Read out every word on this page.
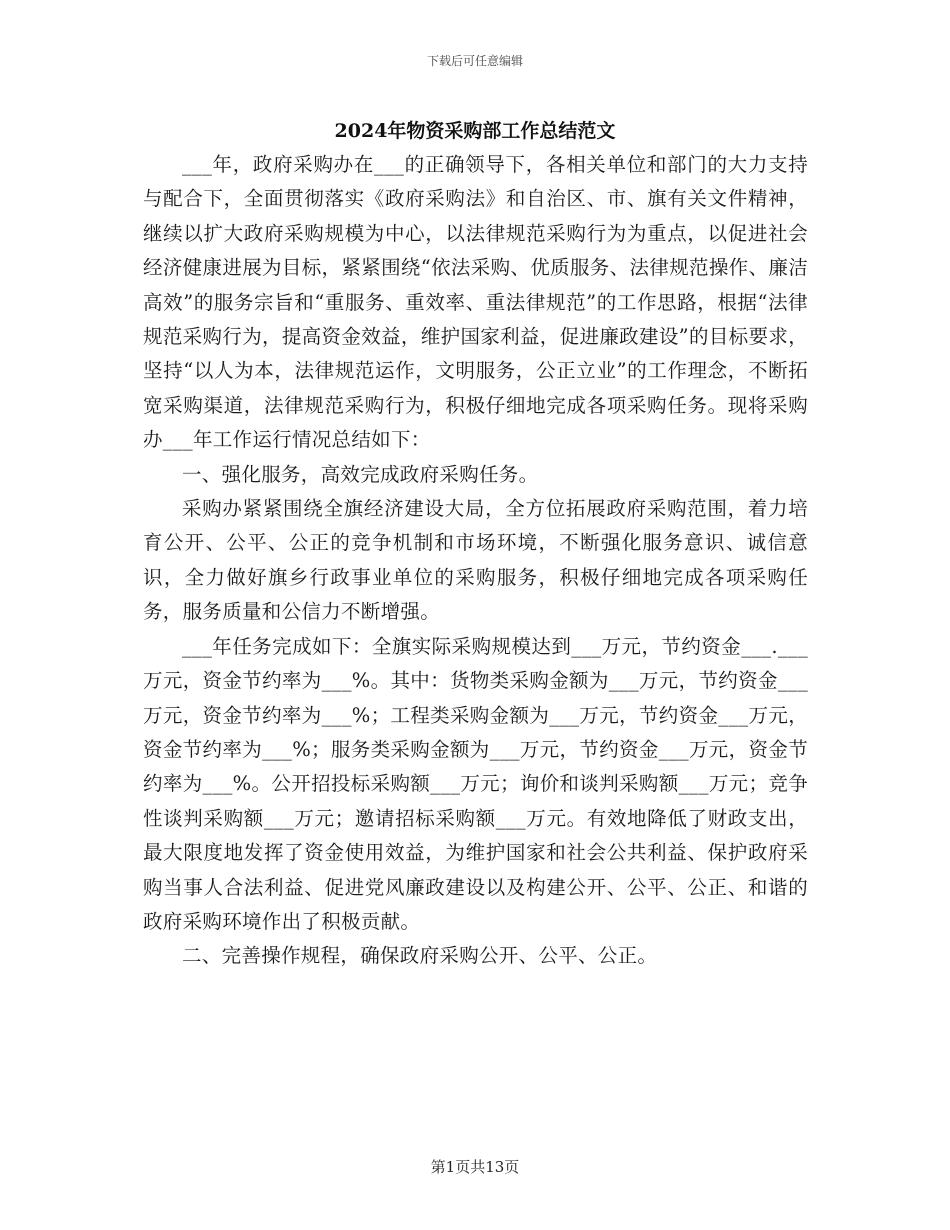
下载后可任意编辑
2024年物资采购部工作总结范文

___年，政府采购办在___的正确领导下，各相关单位和部门的大力支持与配合下，全面贯彻落实《政府采购法》和自治区、市、旗有关文件精神，继续以扩大政府采购规模为中心，以法律规范采购行为为重点，以促进社会经济健康进展为目标，紧紧围绕“依法采购、优质服务、法律规范操作、廉洁高效”的服务宗旨和“重服务、重效率、重法律规范”的工作思路，根据“法律规范采购行为，提高资金效益，维护国家利益，促进廉政建设”的目标要求，坚持“以人为本，法律规范运作，文明服务，公正立业”的工作理念，不断拓宽采购渠道，法律规范采购行为，积极仔细地完成各项采购任务。现将采购办___年工作运行情况总结如下：

一、强化服务，高效完成政府采购任务。

采购办紧紧围绕全旗经济建设大局，全方位拓展政府采购范围，着力培育公开、公平、公正的竞争机制和市场环境，不断强化服务意识、诚信意识，全力做好旗乡行政事业单位的采购服务，积极仔细地完成各项采购任务，服务质量和公信力不断增强。

___年任务完成如下：全旗实际采购规模达到___万元，节约资金___.___万元，资金节约率为___%。其中：货物类采购金额为___万元，节约资金___万元，资金节约率为___%；工程类采购金额为___万元，节约资金___万元，资金节约率为___%；服务类采购金额为___万元，节约资金___万元，资金节约率为___%。公开招投标采购额___万元；询价和谈判采购额___万元；竞争性谈判采购额___万元；邀请招标采购额___万元。有效地降低了财政支出，最大限度地发挥了资金使用效益，为维护国家和社会公共利益、保护政府采购当事人合法利益、促进党风廉政建设以及构建公开、公平、公正、和谐的政府采购环境作出了积极贡献。

二、完善操作规程，确保政府采购公开、公平、公正。

第1页共13页
